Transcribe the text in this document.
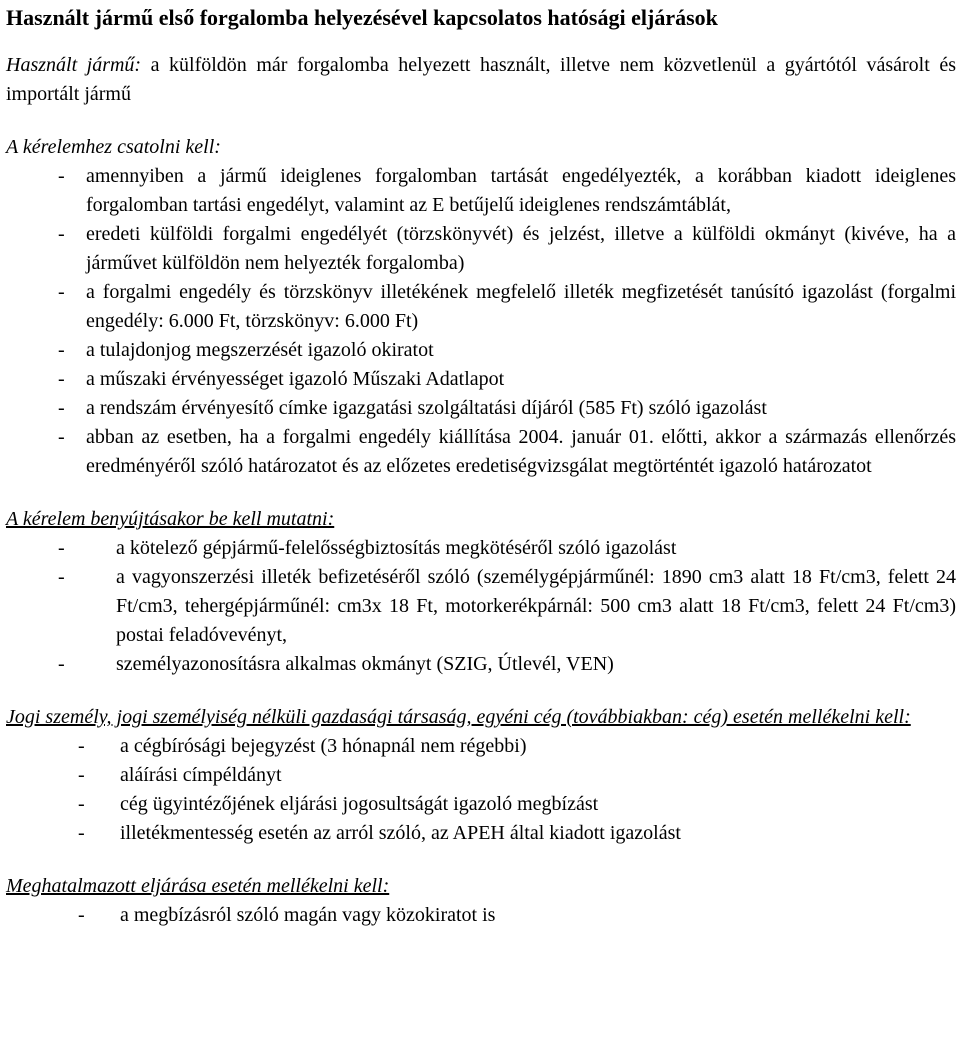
Használt jármű első forgalomba helyezésével kapcsolatos hatósági eljárások

Használt jármű: a külföldön már forgalomba helyezett használt, illetve nem közvetlenül a gyártótól vásárolt és importált jármű

A kérelemhez csatolni kell:

- amennyiben a jármű ideiglenes forgalomban tartását engedélyezték, a korábban kiadott ideiglenes forgalomban tartási engedélyt, valamint az E betűjelű ideiglenes rendszámtáblát,
- eredeti külföldi forgalmi engedélyét (törzskönyvét) és jelzést, illetve a külföldi okmányt (kivéve, ha a járművet külföldön nem helyezték forgalomba)
- a forgalmi engedély és törzskönyv illetékének megfelelő illeték megfizetését tanúsító igazolást (forgalmi engedély: 6.000 Ft, törzskönyv: 6.000 Ft)
- a tulajdonjog megszerzését igazoló okiratot
- a műszaki érvényességet igazoló Műszaki Adatlapot
- a rendszám érvényesítő címke igazgatási szolgáltatási díjáról (585 Ft) szóló igazolást
- abban az esetben, ha a forgalmi engedély kiállítása 2004. január 01. előtti, akkor a származás ellenőrzés eredményéről szóló határozatot és az előzetes eredetiségvizsgálat megtörténtét igazoló határozatot

A kérelem benyújtásakor be kell mutatni:

-	a kötelező gépjármű-felelősségbiztosítás megkötéséről szóló igazolást
-	a vagyonszerzési illeték befizetéséről szóló (személygépjárműnél: 1890 cm3 alatt 18 Ft/cm3, felett 24 Ft/cm3, tehergépjárműnél: cm3x 18 Ft, motorkerékpárnál: 500 cm3 alatt 18 Ft/cm3, felett 24 Ft/cm3) postai feladóvevényt,
-	személyazonosításra alkalmas okmányt (SZIG, Útlevél, VEN)

Jogi személy, jogi személyiség nélküli gazdasági társaság, egyéni cég (továbbiakban: cég) esetén mellékelni kell:

- a cégbírósági bejegyzést (3 hónapnál nem régebbi)
- aláírási címpéldányt
- cég ügyintézőjének eljárási jogosultságát igazoló megbízást
- illetékmentesség esetén az arról szóló, az APEH által kiadott igazolást

Meghatalmazott eljárása esetén mellékelni kell:

- a megbízásról szóló magán vagy közokiratot is
